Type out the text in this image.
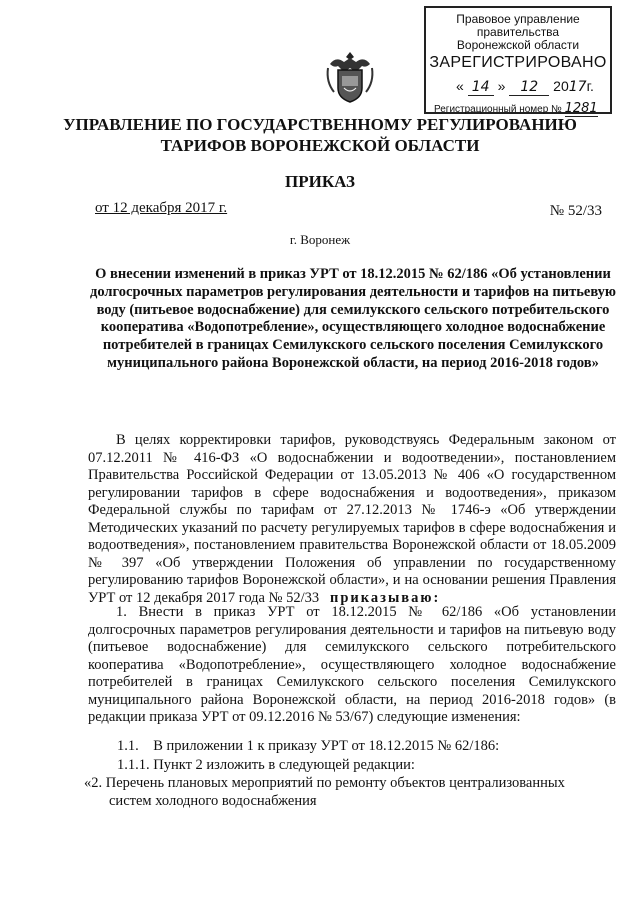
Правовое управление правительства
Воронежской области
ЗАРЕГИСТРИРОВАНО
« 14 » 12 2017г.
Регистрационный номер № 1281
УПРАВЛЕНИЕ ПО ГОСУДАРСТВЕННОМУ РЕГУЛИРОВАНИЮ
ТАРИФОВ ВОРОНЕЖСКОЙ ОБЛАСТИ
ПРИКАЗ
от 12 декабря 2017 г.	№ 52/33
г. Воронеж
О внесении изменений в приказ УРТ от 18.12.2015 № 62/186 «Об установлении долгосрочных параметров регулирования деятельности и тарифов на питьевую воду (питьевое водоснабжение) для семилукского сельского потребительского кооператива «Водопотребление», осуществляющего холодное водоснабжение потребителей в границах Семилукского сельского поселения Семилукского муниципального района Воронежской области, на период 2016-2018 годов»

В целях корректировки тарифов, руководствуясь Федеральным законом от 07.12.2011 № 416-ФЗ «О водоснабжении и водоотведении», постановлением Правительства Российской Федерации от 13.05.2013 № 406 «О государственном регулировании тарифов в сфере водоснабжения и водоотведения», приказом Федеральной службы по тарифам от 27.12.2013 № 1746-э «Об утверждении Методических указаний по расчету регулируемых тарифов в сфере водоснабжения и водоотведения», постановлением правительства Воронежской области от 18.05.2009 № 397 «Об утверждении Положения об управлении по государственному регулированию тарифов Воронежской области», и на основании решения Правления УРТ от 12 декабря 2017 года № 52/33 приказываю:

1. Внести в приказ УРТ от 18.12.2015 № 62/186 «Об установлении долгосрочных параметров регулирования деятельности и тарифов на питьевую воду (питьевое водоснабжение) для семилукского сельского потребительского кооператива «Водопотребление», осуществляющего холодное водоснабжение потребителей в границах Семилукского сельского поселения Семилукского муниципального района Воронежской области, на период 2016-2018 годов» (в редакции приказа УРТ от 09.12.2016 № 53/67) следующие изменения:

1.1.    В приложении 1 к приказу УРТ от 18.12.2015 № 62/186:
1.1.1. Пункт 2 изложить в следующей редакции:
«2. Перечень плановых мероприятий по ремонту объектов централизованных
систем холодного водоснабжения
